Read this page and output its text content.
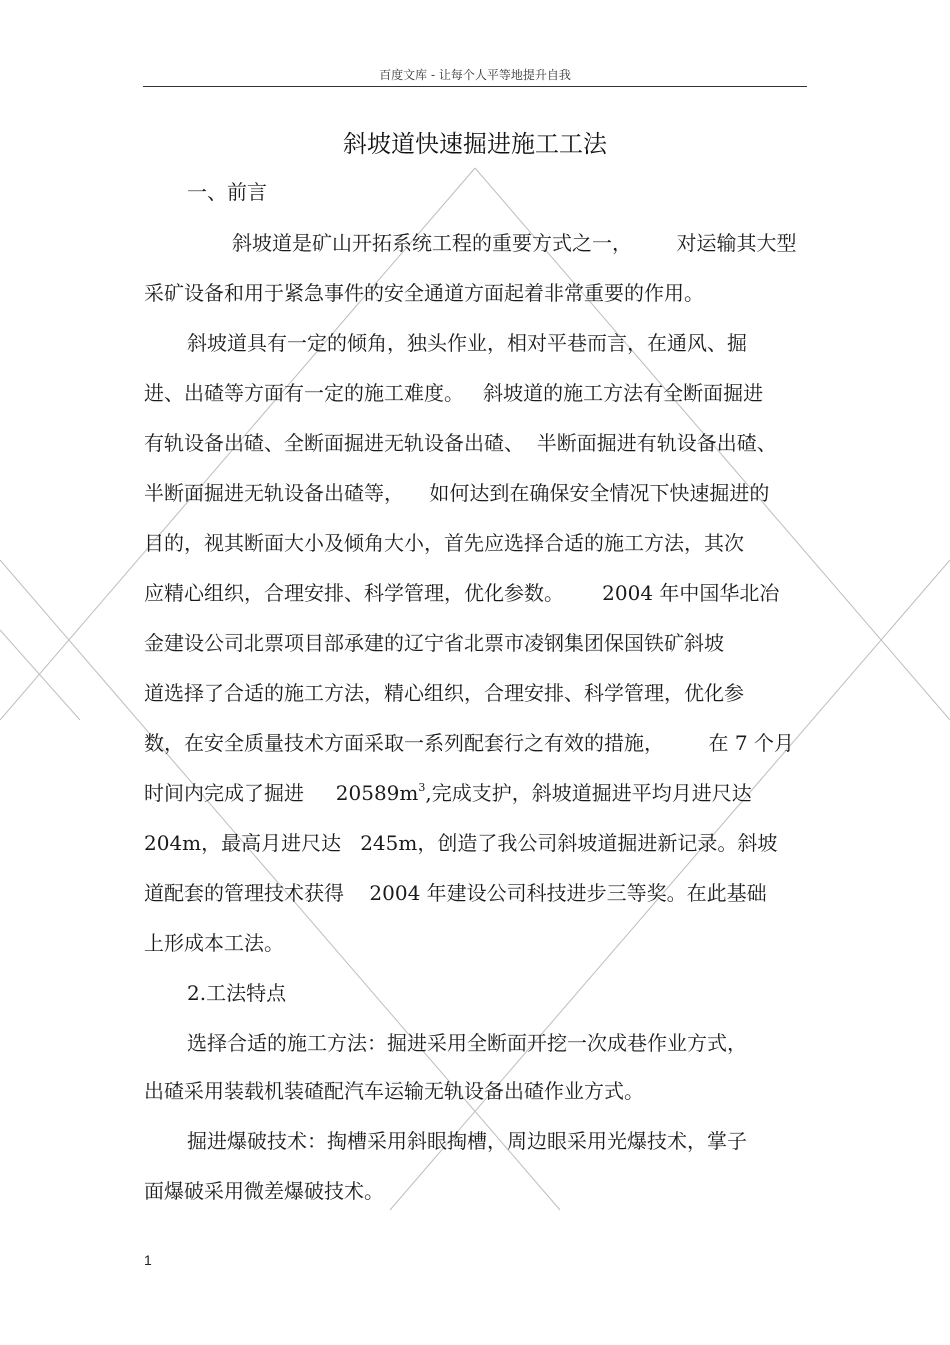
百度文库 - 让每个人平等地提升自我
斜坡道快速掘进施工工法
一、前言
斜坡道是矿山开拓系统工程的重要方式之一，       对运输其大型
采矿设备和用于紧急事件的安全通道方面起着非常重要的作用。
斜坡道具有一定的倾角，独头作业，相对平巷而言，在通风、掘
进、出碴等方面有一定的施工难度。   斜坡道的施工方法有全断面掘进
有轨设备出碴、全断面掘进无轨设备出碴、  半断面掘进有轨设备出碴、
半断面掘进无轨设备出碴等，    如何达到在确保安全情况下快速掘进的
目的，视其断面大小及倾角大小，首先应选择合适的施工方法，其次
应精心组织，合理安排、科学管理，优化参数。      2004 年中国华北冶
金建设公司北票项目部承建的辽宁省北票市凌钢集团保国铁矿斜坡
道选择了合适的施工方法，精心组织，合理安排、科学管理，优化参
数，在安全质量技术方面采取一系列配套行之有效的措施，       在 7 个月
时间内完成了掘进     $20589m^3$,完成支护，斜坡道掘进平均月进尺达
204m，最高月进尺达   245m，创造了我公司斜坡道掘进新记录。斜坡
道配套的管理技术获得    2004 年建设公司科技进步三等奖。在此基础
上形成本工法。
2.工法特点
选择合适的施工方法：掘进采用全断面开挖一次成巷作业方式，
出碴采用装载机装碴配汽车运输无轨设备出碴作业方式。
掘进爆破技术：掏槽采用斜眼掏槽，周边眼采用光爆技术，掌子
面爆破采用微差爆破技术。
1
